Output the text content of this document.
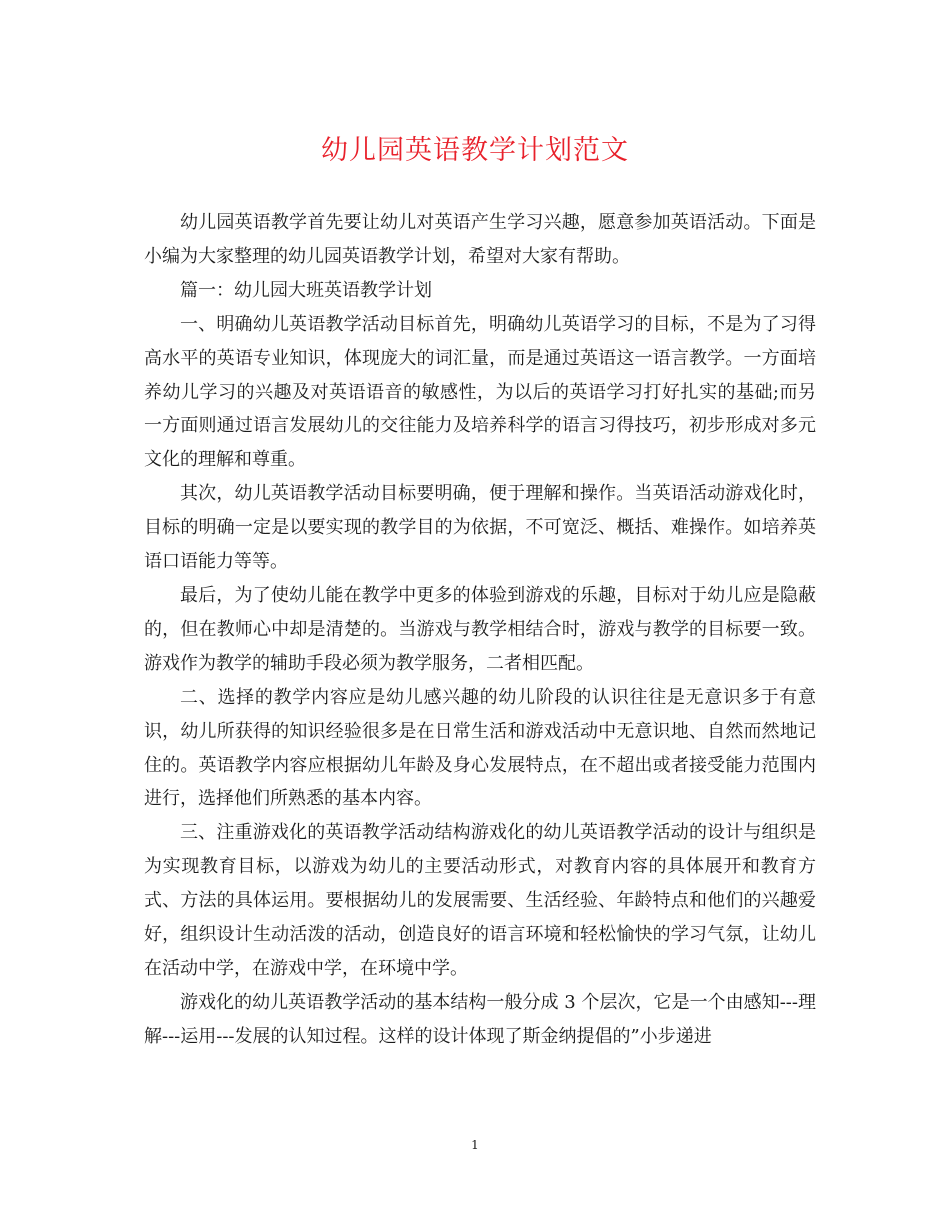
幼儿园英语教学计划范文

幼儿园英语教学首先要让幼儿对英语产生学习兴趣，愿意参加英语活动。下面是小编为大家整理的幼儿园英语教学计划，希望对大家有帮助。

篇一：幼儿园大班英语教学计划

一、明确幼儿英语教学活动目标首先，明确幼儿英语学习的目标，不是为了习得高水平的英语专业知识，体现庞大的词汇量，而是通过英语这一语言教学。一方面培养幼儿学习的兴趣及对英语语音的敏感性，为以后的英语学习打好扎实的基础;而另一方面则通过语言发展幼儿的交往能力及培养科学的语言习得技巧，初步形成对多元文化的理解和尊重。

其次，幼儿英语教学活动目标要明确，便于理解和操作。当英语活动游戏化时，目标的明确一定是以要实现的教学目的为依据，不可宽泛、概括、难操作。如培养英语口语能力等等。

最后，为了使幼儿能在教学中更多的体验到游戏的乐趣，目标对于幼儿应是隐蔽的，但在教师心中却是清楚的。当游戏与教学相结合时，游戏与教学的目标要一致。游戏作为教学的辅助手段必须为教学服务，二者相匹配。

二、选择的教学内容应是幼儿感兴趣的幼儿阶段的认识往往是无意识多于有意识，幼儿所获得的知识经验很多是在日常生活和游戏活动中无意识地、自然而然地记住的。英语教学内容应根据幼儿年龄及身心发展特点，在不超出或者接受能力范围内进行，选择他们所熟悉的基本内容。

三、注重游戏化的英语教学活动结构游戏化的幼儿英语教学活动的设计与组织是为实现教育目标，以游戏为幼儿的主要活动形式，对教育内容的具体展开和教育方式、方法的具体运用。要根据幼儿的发展需要、生活经验、年龄特点和他们的兴趣爱好，组织设计生动活泼的活动，创造良好的语言环境和轻松愉快的学习气氛，让幼儿在活动中学，在游戏中学，在环境中学。

游戏化的幼儿英语教学活动的基本结构一般分成 3 个层次，它是一个由感知---理解---运用---发展的认知过程。这样的设计体现了斯金纳提倡的”小步递进

1
